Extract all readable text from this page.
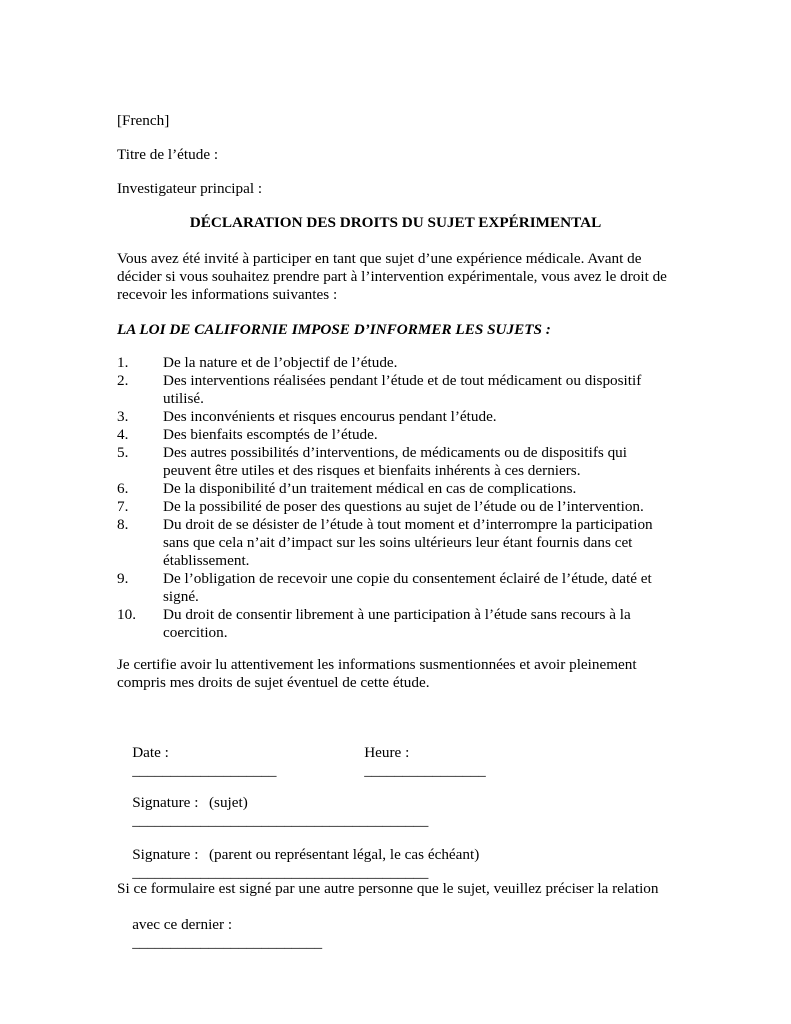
[French]
Titre de l’étude :
Investigateur principal :
DÉCLARATION DES DROITS DU SUJET EXPÉRIMENTAL
Vous avez été invité à participer en tant que sujet d’une expérience médicale. Avant de décider si vous souhaitez prendre part à l’intervention expérimentale, vous avez le droit de recevoir les informations suivantes :
LA LOI DE CALIFORNIE IMPOSE D’INFORMER LES SUJETS :
1. De la nature et de l’objectif de l’étude.
2. Des interventions réalisées pendant l’étude et de tout médicament ou dispositif utilisé.
3. Des inconvénients et risques encourus pendant l’étude.
4. Des bienfaits escomptés de l’étude.
5. Des autres possibilités d’interventions, de médicaments ou de dispositifs qui peuvent être utiles et des risques et bienfaits inhérents à ces derniers.
6. De la disponibilité d’un traitement médical en cas de complications.
7. De la possibilité de poser des questions au sujet de l’étude ou de l’intervention.
8. Du droit de se désister de l’étude à tout moment et d’interrompre la participation sans que cela n’ait d’impact sur les soins ultérieurs leur étant fournis dans cet établissement.
9. De l’obligation de recevoir une copie du consentement éclairé de l’étude, daté et signé.
10. Du droit de consentir librement à une participation à l’étude sans recours à la coercition.
Je certifie avoir lu attentivement les informations susmentionnées et avoir pleinement compris mes droits de sujet éventuel de cette étude.

Date :
___________________

Heure :
________________

Signature :
_______________________________________

(sujet)

Signature :
_______________________________________

(parent ou représentant légal, le cas échéant)
Si ce formulaire est signé par une autre personne que le sujet, veuillez préciser la relation

avec ce dernier :
_________________________
